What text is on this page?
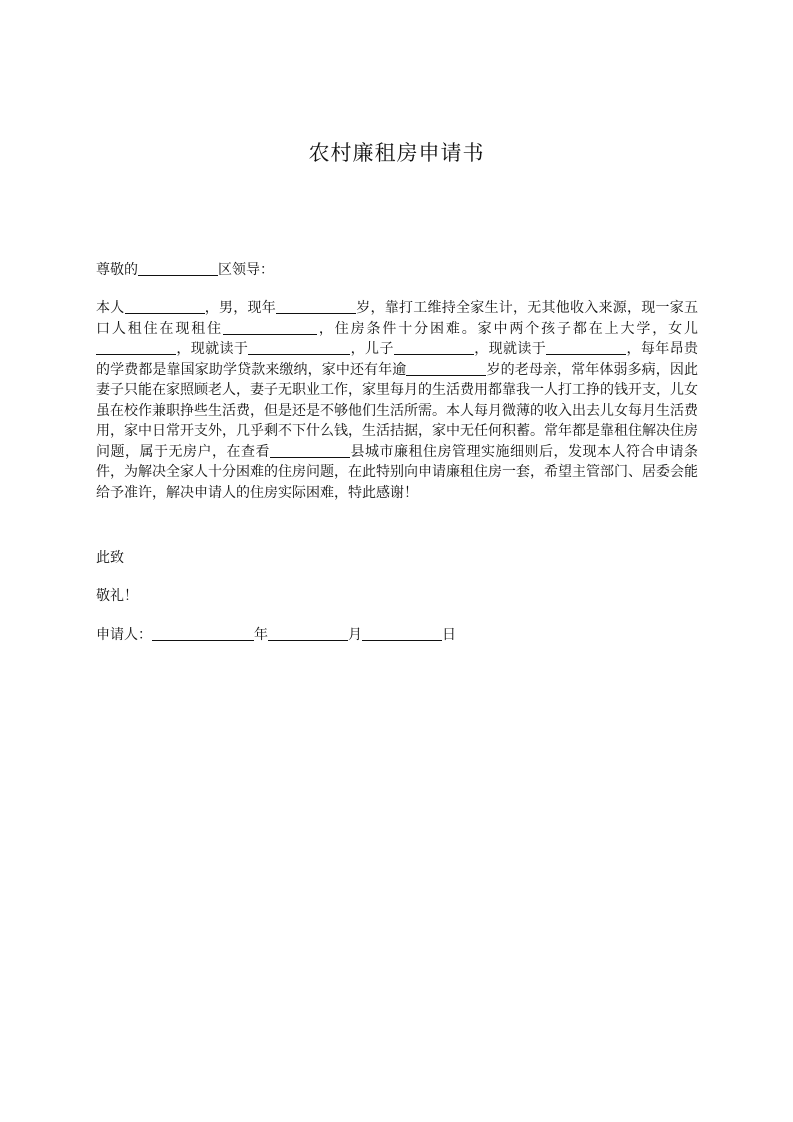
农村廉租房申请书
尊敬的	区领导：
本人	，男，现年	岁，靠打工维持全家生计，无其他收入来源，现一家五口人租住在现租住	，住房条件十分困难。家中两个孩子都在上大学，女儿，现就读于	，儿子	，现就读于	，每年昂贵的学费都是靠国家助学贷款来缴纳，家中还有年逾	岁的老母亲，常年体弱多病，因此妻子只能在家照顾老人，妻子无职业工作，家里每月的生活费用都靠我一人打工挣的钱开支，儿女虽在校作兼职挣些生活费，但是还是不够他们生活所需。本人每月微薄的收入出去儿女每月生活费用，家中日常开支外，几乎剩不下什么钱，生活拮据，家中无任何积蓄。常年都是靠租住解决住房问题，属于无房户，在查看	县城市廉租住房管理实施细则后，发现本人符合申请条件，为解决全家人十分困难的住房问题，在此特别向申请廉租住房一套，希望主管部门、居委会能给予准许，解决申请人的住房实际困难，特此感谢！
此致
敬礼！
申请人：	年	月	日
